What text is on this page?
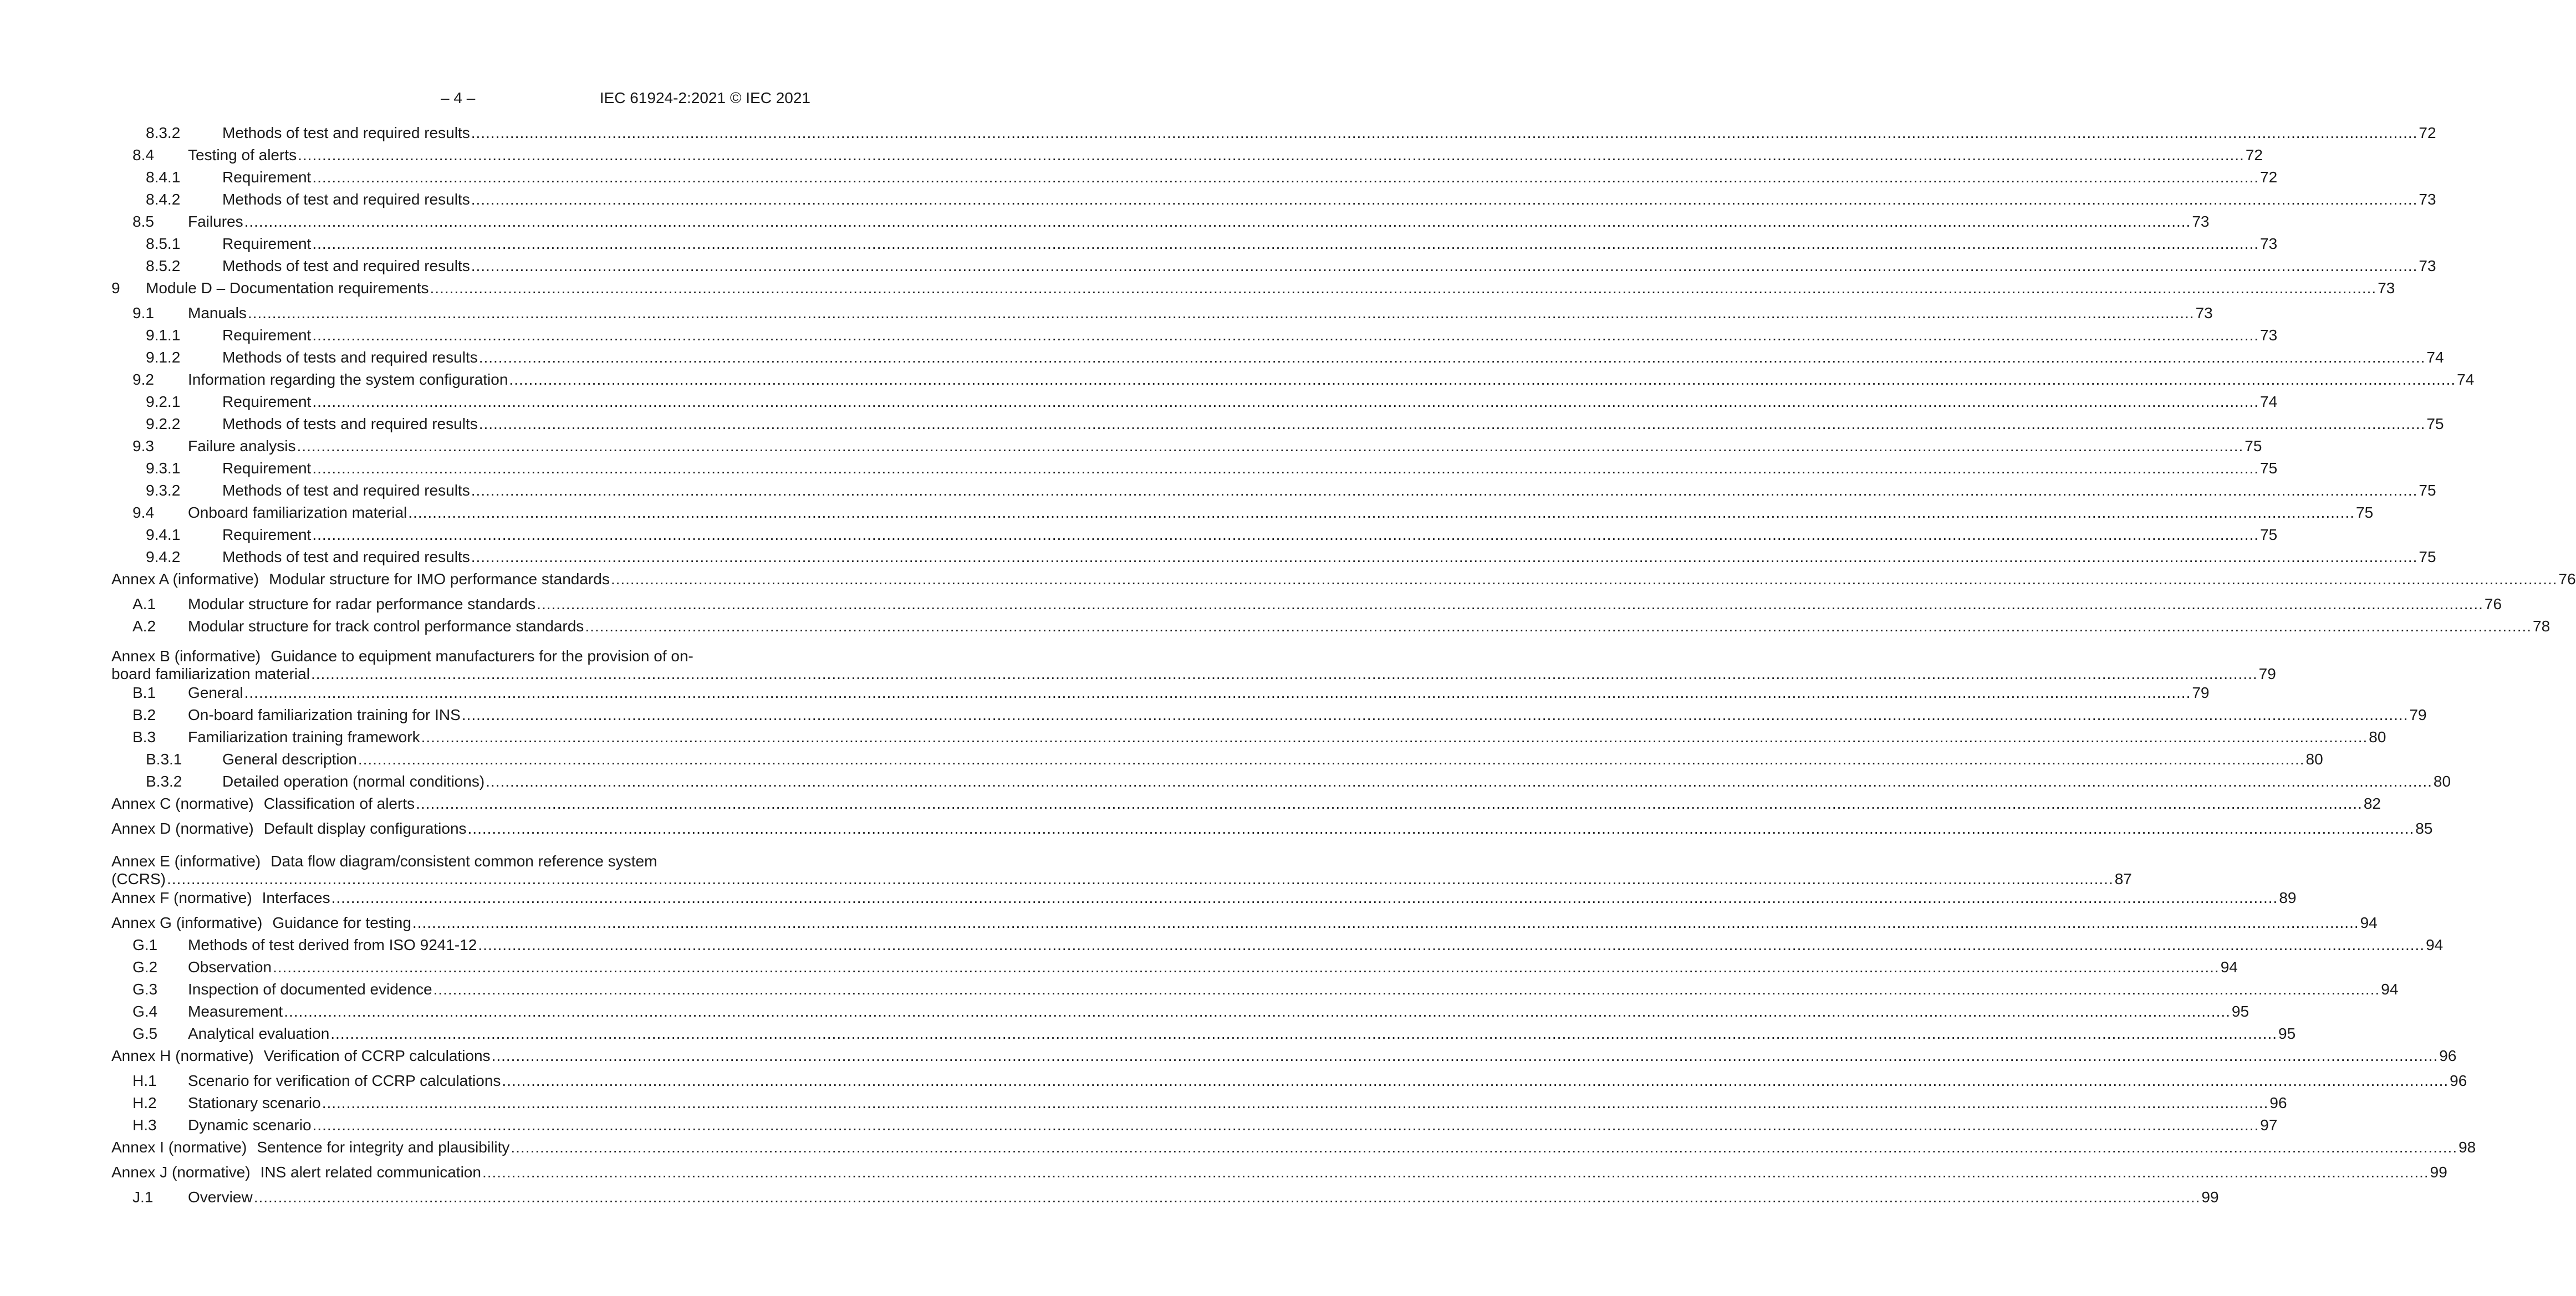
– 4 –	IEC 61924-2:2021 © IEC 2021
8.3.2	Methods of test and required results ................................................................................................................................................................................................................................................................................................................................................................................................................ 72
8.4 Testing of alerts ................................................................................................................................................................................................................................................................................................................................................................................................................ 72
8.4.1	Requirement ................................................................................................................................................................................................................................................................................................................................................................................................................ 72
8.4.2	Methods of test and required results ................................................................................................................................................................................................................................................................................................................................................................................................................ 73
8.5 Failures ................................................................................................................................................................................................................................................................................................................................................................................................................ 73
8.5.1	Requirement ................................................................................................................................................................................................................................................................................................................................................................................................................ 73
8.5.2	Methods of test and required results ................................................................................................................................................................................................................................................................................................................................................................................................................ 73
9 Module D – Documentation requirements ................................................................................................................................................................................................................................................................................................................................................................................................................ 73
9.1 Manuals ................................................................................................................................................................................................................................................................................................................................................................................................................ 73
9.1.1	Requirement ................................................................................................................................................................................................................................................................................................................................................................................................................ 73
9.1.2	Methods of tests and required results ................................................................................................................................................................................................................................................................................................................................................................................................................ 74
9.2 Information regarding the system configuration ................................................................................................................................................................................................................................................................................................................................................................................................................ 74
9.2.1	Requirement ................................................................................................................................................................................................................................................................................................................................................................................................................ 74
9.2.2	Methods of tests and required results ................................................................................................................................................................................................................................................................................................................................................................................................................ 75
9.3 Failure analysis ................................................................................................................................................................................................................................................................................................................................................................................................................ 75
9.3.1	Requirement ................................................................................................................................................................................................................................................................................................................................................................................................................ 75
9.3.2	Methods of test and required results ................................................................................................................................................................................................................................................................................................................................................................................................................ 75
9.4 Onboard familiarization material ................................................................................................................................................................................................................................................................................................................................................................................................................ 75
9.4.1	Requirement ................................................................................................................................................................................................................................................................................................................................................................................................................ 75
9.4.2	Methods of test and required results ................................................................................................................................................................................................................................................................................................................................................................................................................ 75
Annex A (informative) Modular structure for IMO performance standards ................................................................................................................................................................................................................................................................................................................................................................................................................ 76
A.1 Modular structure for radar performance standards ................................................................................................................................................................................................................................................................................................................................................................................................................ 76
A.2 Modular structure for track control performance standards ................................................................................................................................................................................................................................................................................................................................................................................................................ 78
Annex B (informative) Guidance to equipment manufacturers for the provision of on-
board familiarization material ................................................................................................................................................................................................................................................................................................................................................................................................................ 79
B.1 General ................................................................................................................................................................................................................................................................................................................................................................................................................ 79
B.2 On-board familiarization training for INS ................................................................................................................................................................................................................................................................................................................................................................................................................ 79
B.3 Familiarization training framework ................................................................................................................................................................................................................................................................................................................................................................................................................ 80
B.3.1	General description ................................................................................................................................................................................................................................................................................................................................................................................................................ 80
B.3.2	Detailed operation (normal conditions) ................................................................................................................................................................................................................................................................................................................................................................................................................ 80
Annex C (normative) Classification of alerts ................................................................................................................................................................................................................................................................................................................................................................................................................ 82
Annex D (normative) Default display configurations ................................................................................................................................................................................................................................................................................................................................................................................................................ 85
Annex E (informative) Data flow diagram/consistent common reference system
(CCRS) ................................................................................................................................................................................................................................................................................................................................................................................................................ 87
Annex F (normative) Interfaces ................................................................................................................................................................................................................................................................................................................................................................................................................ 89
Annex G (informative) Guidance for testing ................................................................................................................................................................................................................................................................................................................................................................................................................ 94
G.1 Methods of test derived from ISO 9241-12 ................................................................................................................................................................................................................................................................................................................................................................................................................ 94
G.2 Observation ................................................................................................................................................................................................................................................................................................................................................................................................................ 94
G.3 Inspection of documented evidence ................................................................................................................................................................................................................................................................................................................................................................................................................ 94
G.4 Measurement ................................................................................................................................................................................................................................................................................................................................................................................................................ 95
G.5 Analytical evaluation ................................................................................................................................................................................................................................................................................................................................................................................................................ 95
Annex H (normative) Verification of CCRP calculations ................................................................................................................................................................................................................................................................................................................................................................................................................ 96
H.1 Scenario for verification of CCRP calculations ................................................................................................................................................................................................................................................................................................................................................................................................................ 96
H.2 Stationary scenario ................................................................................................................................................................................................................................................................................................................................................................................................................ 96
H.3 Dynamic scenario ................................................................................................................................................................................................................................................................................................................................................................................................................ 97
Annex I (normative) Sentence for integrity and plausibility ................................................................................................................................................................................................................................................................................................................................................................................................................ 98
Annex J (normative) INS alert related communication ................................................................................................................................................................................................................................................................................................................................................................................................................ 99
J.1 Overview ................................................................................................................................................................................................................................................................................................................................................................................................................ 99
